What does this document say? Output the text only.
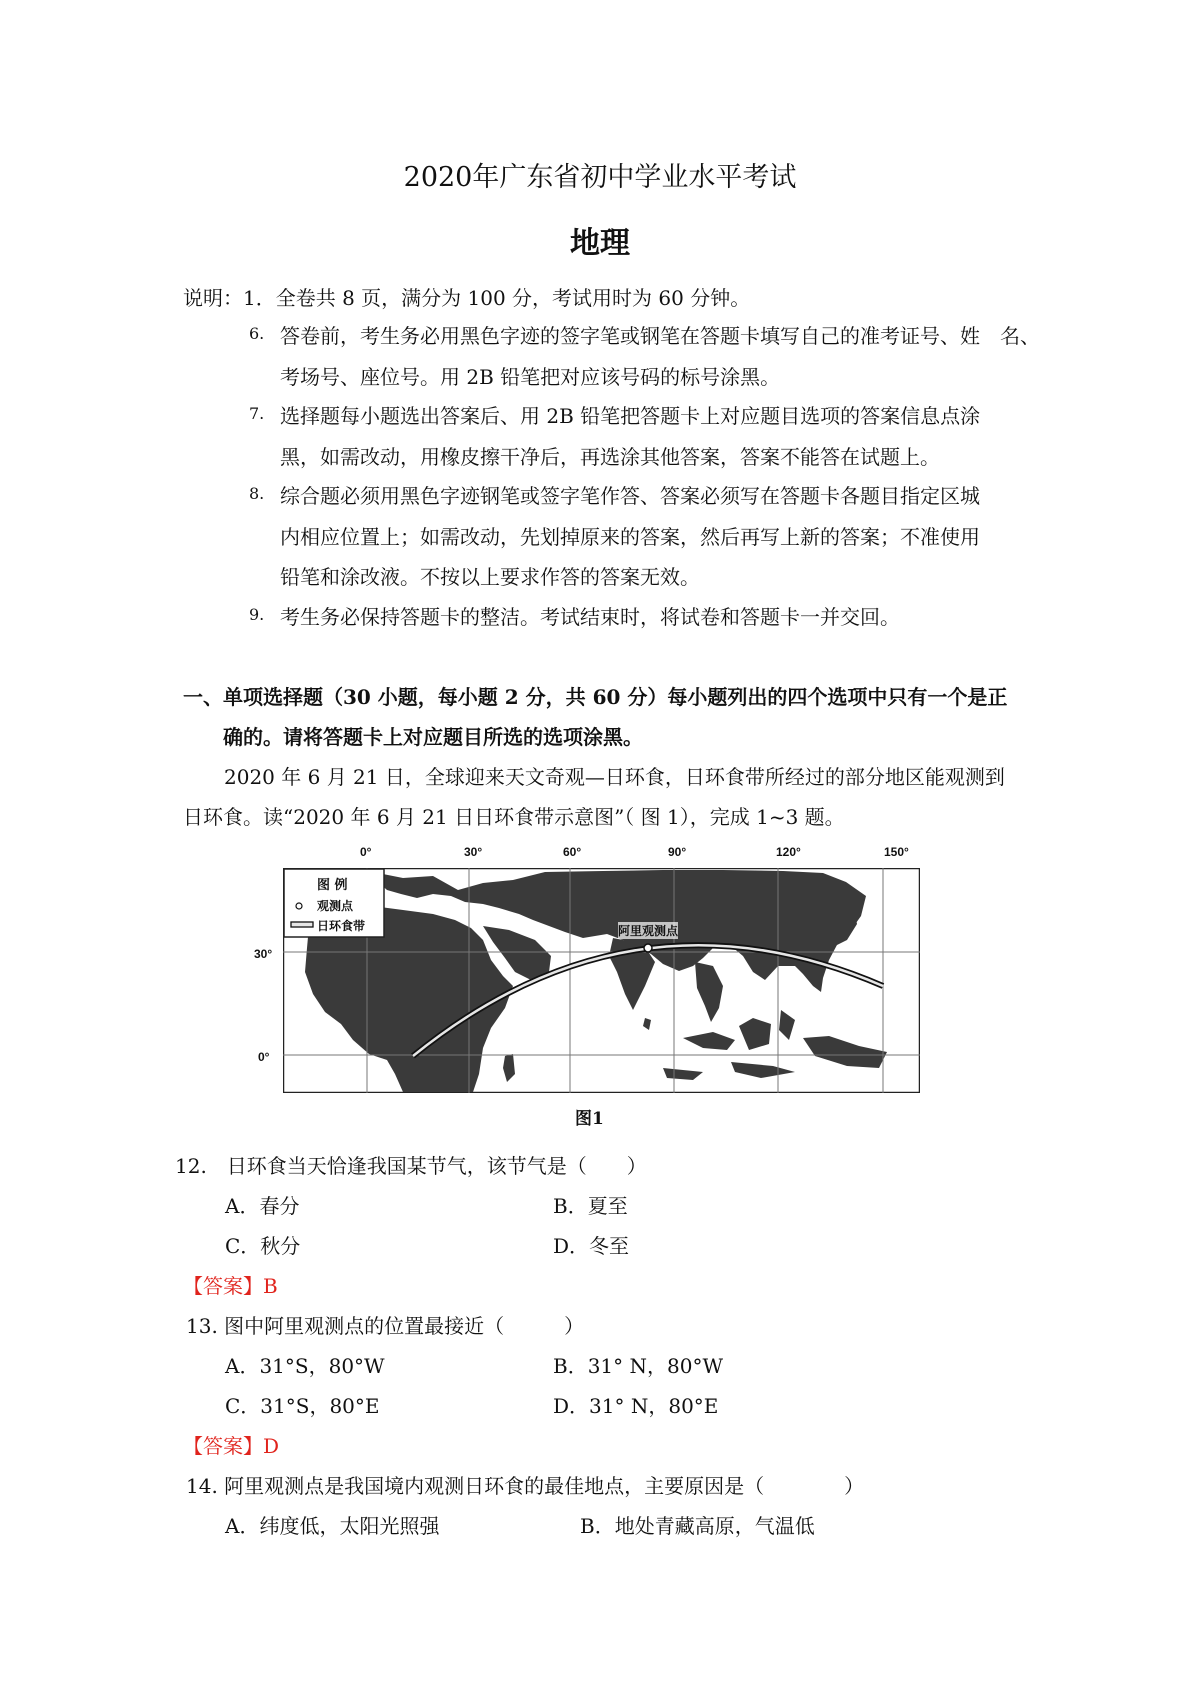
2020年广东省初中学业水平考试
地理
说明：1．全卷共 8 页，满分为 100 分，考试用时为 60 分钟。
6. 答卷前，考生务必用黑色字迹的签字笔或钢笔在答题卡填写自己的准考证号、姓　名、
考场号、座位号。用 2B 铅笔把对应该号码的标号涂黑。
7. 选择题每小题选出答案后、用 2B 铅笔把答题卡上对应题目选项的答案信息点涂
黑，如需改动，用橡皮擦干净后，再选涂其他答案，答案不能答在试题上。
8. 综合题必须用黑色字迹钢笔或签字笔作答、答案必须写在答题卡各题目指定区城
内相应位置上；如需改动，先划掉原来的答案，然后再写上新的答案；不准使用
铅笔和涂改液。不按以上要求作答的答案无效。
9. 考生务必保持答题卡的整洁。考试结束时，将试卷和答题卡一并交回。
一、单项选择题（30 小题，每小题 2 分，共 60 分）每小题列出的四个选项中只有一个是正
确的。请将答题卡上对应题目所选的选项涂黑。
2020 年 6 月 21 日，全球迎来天文奇观—日环食，日环食带所经过的部分地区能观测到
日环食。读“2020 年 6 月 21 日日环食带示意图”（ 图 1），完成 1~3 题。
0°	30°	60°	90°	120°	150°
30°
0°
图 例
观测点
日环食带	阿里观测点
图1
12.　日环食当天恰逢我国某节气，该节气是（　　）
A．春分	B．夏至
C．秋分	D．冬至
【答案】B
13. 图中阿里观测点的位置最接近（　　　）
A．31°S，80°W	B．31° N，80°W
C．31°S，80°E	D．31° N，80°E
【答案】D
14. 阿里观测点是我国境内观测日环食的最佳地点，主要原因是（　　　　）
A．纬度低，太阳光照强	B．地处青藏高原，气温低
